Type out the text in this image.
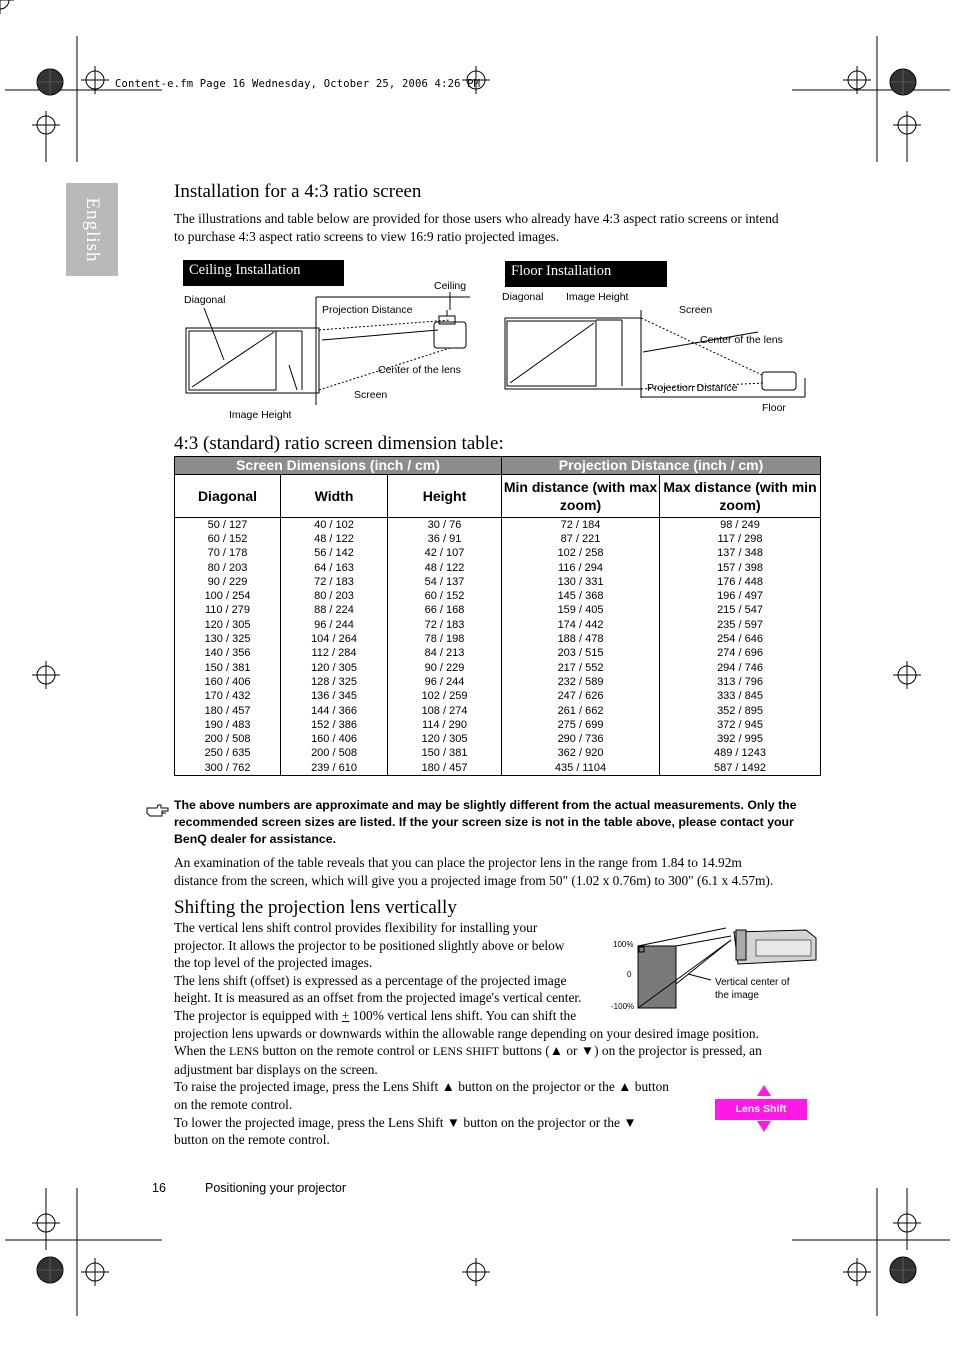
Content-e.fm Page 16 Wednesday, October 25, 2006 4:26 PM
English
Installation for a 4:3 ratio screen
The illustrations and table below are provided for those users who already have 4:3 aspect ratio screens or intend
to purchase 4:3 aspect ratio screens to view 16:9 ratio projected images.
Ceiling Installation
Diagonal
Ceiling
Projection Distance
Center of the lens
Screen
Image Height
Floor Installation
Diagonal Image Height
Screen
Center of the lens
Projection Distance
Floor
4:3 (standard) ratio screen dimension table:
Screen Dimensions (inch / cm)			Projection Distance (inch / cm)	
Diagonal	Width	Height	Min distance (with max zoom)	Max distance (with min zoom)
50 / 127	40 / 102	30 / 76	72 / 184	98 / 249
60 / 152	48 / 122	36 / 91	87 / 221	117 / 298
70 / 178	56 / 142	42 / 107	102 / 258	137 / 348
80 / 203	64 / 163	48 / 122	116 / 294	157 / 398
90 / 229	72 / 183	54 / 137	130 / 331	176 / 448
100 / 254	80 / 203	60 / 152	145 / 368	196 / 497
110 / 279	88 / 224	66 / 168	159 / 405	215 / 547
120 / 305	96 / 244	72 / 183	174 / 442	235 / 597
130 / 325	104 / 264	78 / 198	188 / 478	254 / 646
140 / 356	112 / 284	84 / 213	203 / 515	274 / 696
150 / 381	120 / 305	90 / 229	217 / 552	294 / 746
160 / 406	128 / 325	96 / 244	232 / 589	313 / 796
170 / 432	136 / 345	102 / 259	247 / 626	333 / 845
180 / 457	144 / 366	108 / 274	261 / 662	352 / 895
190 / 483	152 / 386	114 / 290	275 / 699	372 / 945
200 / 508	160 / 406	120 / 305	290 / 736	392 / 995
250 / 635	200 / 508	150 / 381	362 / 920	489 / 1243
300 / 762	239 / 610	180 / 457	435 / 1104	587 / 1492
The above numbers are approximate and may be slightly different from the actual measurements. Only the recommended screen sizes are listed. If the your screen size is not in the table above, please contact your BenQ dealer for assistance.
An examination of the table reveals that you can place the projector lens in the range from 1.84 to 14.92m
distance from the screen, which will give you a projected image from 50" (1.02 x 0.76m) to 300" (6.1 x 4.57m).
Shifting the projection lens vertically
The vertical lens shift control provides flexibility for installing your
projector. It allows the projector to be positioned slightly above or below
the top level of the projected images.
The lens shift (offset) is expressed as a percentage of the projected image
height. It is measured as an offset from the projected image's vertical center.
The projector is equipped with + 100% vertical lens shift. You can shift the
projection lens upwards or downwards within the allowable range depending on your desired image position.
When the LENS button on the remote control or LENS SHIFT buttons (▲ or ▼) on the projector is pressed, an
adjustment bar displays on the screen.
To raise the projected image, press the Lens Shift ▲ button on the projector or the ▲ button
on the remote control.
To lower the projected image, press the Lens Shift ▼ button on the projector or the ▼
button on the remote control.
100%
0
-100%
Vertical center of
the image
Lens Shift
16	Positioning your projector
